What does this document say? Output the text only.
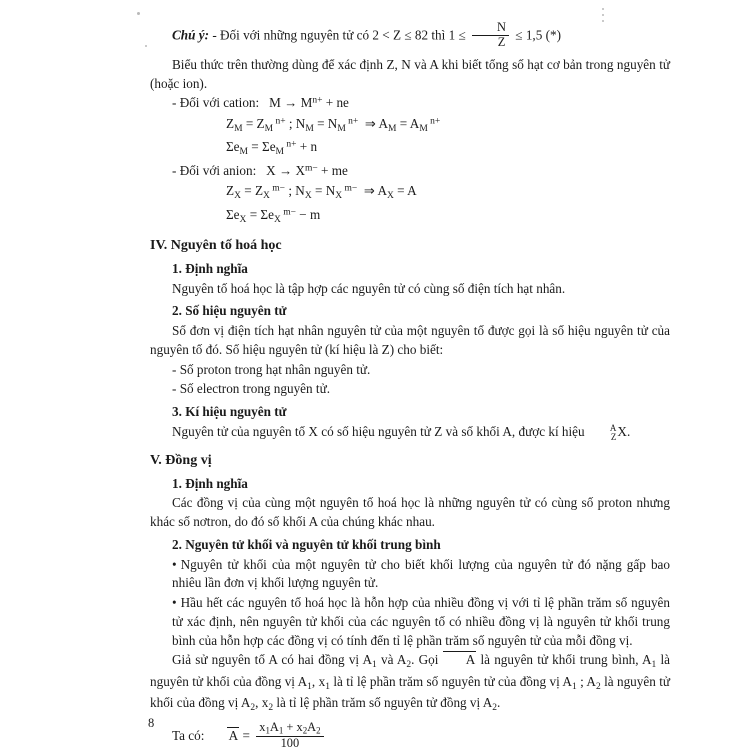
Chú ý: - Đối với những nguyên tử có 2 < Z ≤ 82 thì $1 \le \frac{N}{Z} \le 1,5$ (*)

Biểu thức trên thường dùng để xác định Z, N và A khi biết tổng số hạt cơ bản trong nguyên tử (hoặc ion).

- Đối với cation:   $M \to M^{n+}$ + ne

$Z_M = Z_M$ $^{n+}$ ; $N_M = N_M$ $^{n+}$  ⇒ $A_M = A_M$ $^{n+}$

$\Sigma e_M = \Sigma e_M$ $^{n+}$ + n

- Đối với anion:   $X \to X^{m-}$ + me

$Z_X = Z_X$ $^{m-}$ ; $N_X = N_X$ $^{m-}$  ⇒ $A_X = A$

$\Sigma e_X = \Sigma e_X$ $^{m-}$ − m

IV. Nguyên tố hoá học

1. Định nghĩa

Nguyên tố hoá học là tập hợp các nguyên tử có cùng số điện tích hạt nhân.

2. Số hiệu nguyên tử

Số đơn vị điện tích hạt nhân nguyên tử của một nguyên tố được gọi là số hiệu nguyên tử của nguyên tố đó. Số hiệu nguyên tử (kí hiệu là Z) cho biết:

- Số proton trong hạt nhân nguyên tử.

- Số electron trong nguyên tử.

3. Kí hiệu nguyên tử

Nguyên tử của nguyên tố X có số hiệu nguyên tử Z và số khối A, được kí hiệu	A
Z X.

V. Đồng vị

1. Định nghĩa

Các đồng vị của cùng một nguyên tố hoá học là những nguyên tử có cùng số proton nhưng khác số nơtron, do đó số khối A của chúng khác nhau.

2. Nguyên tử khối và nguyên tử khối trung bình

• Nguyên tử khối của một nguyên tử cho biết khối lượng của nguyên tử đó nặng gấp bao nhiêu lần đơn vị khối lượng nguyên tử.

• Hầu hết các nguyên tố hoá học là hỗn hợp của nhiều đồng vị với tỉ lệ phần trăm số nguyên tử xác định, nên nguyên tử khối của các nguyên tố có nhiều đồng vị là nguyên tử khối trung bình của hỗn hợp các đồng vị có tính đến tỉ lệ phần trăm số nguyên tử của mỗi đồng vị.

Giả sử nguyên tố A có hai đồng vị $A_1$ và $A_2$. Gọi  A  là nguyên tử khối trung bình, $A_1$ là nguyên tử khối của đồng vị $A_1$, $x_1$ là tỉ lệ phần trăm số nguyên tử của đồng vị $A_1$ ; $A_2$ là nguyên tử khối của đồng vị $A_2$, $x_2$ là tỉ lệ phần trăm số nguyên tử đồng vị $A_2$.

Ta có:        A  = $\frac{x_1A_1 + x_2A_2}{100}$

8
